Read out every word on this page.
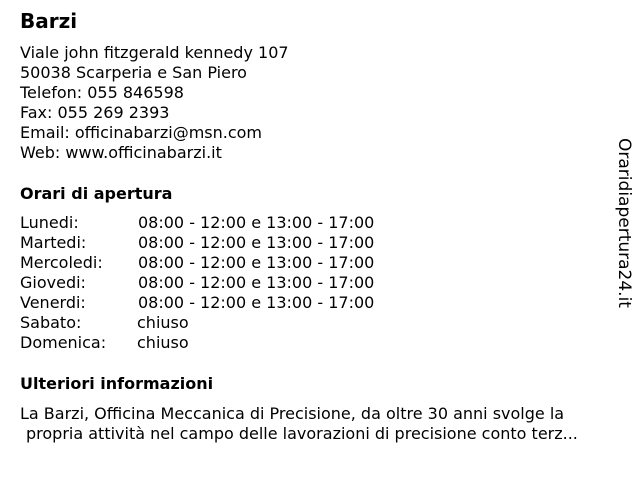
Barzi
Viale john fitzgerald kennedy 107
50038 Scarperia e San Piero
Telefon: 055 846598
Fax: 055 269 2393
Email: officinabarzi@msn.com
Web: www.officinabarzi.it
Orari di apertura
Lunedi:	08:00 - 12:00 e 13:00 - 17:00
Martedi:	08:00 - 12:00 e 13:00 - 17:00
Mercoledi: 08:00 - 12:00 e 13:00 - 17:00
Giovedi:	08:00 - 12:00 e 13:00 - 17:00
Venerdi:	08:00 - 12:00 e 13:00 - 17:00
Sabato:	chiuso
Domenica: chiuso
Ulteriori informazioni
La Barzi, Officina Meccanica di Precisione, da oltre 30 anni svolge la
propria attività nel campo delle lavorazioni di precisione conto terz...
Oraridiapertura24.it
